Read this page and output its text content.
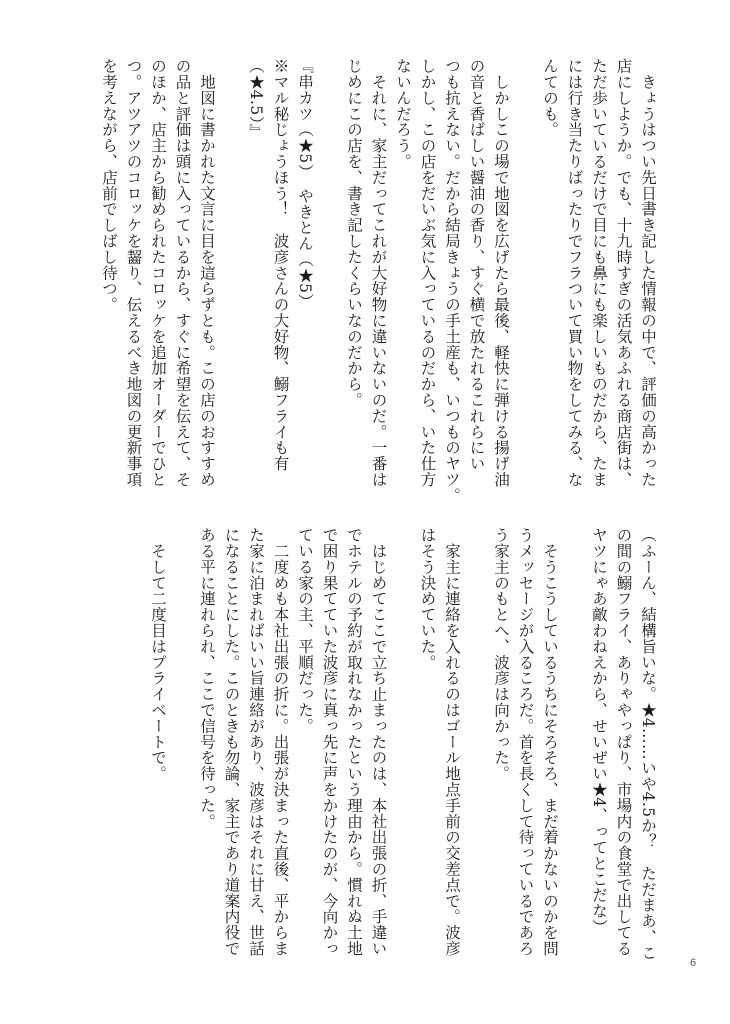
　きょうはつい先日書き記した情報の中で、評価の高かった

店にしようか。でも、十九時すぎの活気あふれる商店街は、

ただ歩いているだけで目にも鼻にも楽しいものだから、たま

には行き当たりばったりでフラついて買い物をしてみる、な

んてのも。

　しかしこの場で地図を広げたら最後、軽快に弾ける揚げ油

の音と香ばしい醤油の香り、すぐ横で放たれるこれらにい

つも抗えない。だから結局きょうの手土産も、いつものヤツ。

しかし、この店をだいぶ気に入っているのだから、いた仕方

ないんだろう。

　それに、家主だってこれが大好物に違いないのだ。一番は

じめにこの店を、書き記したくらいなのだから。

『串カツ（★5）　やきとん（★5）

※マル秘じょうほう！　波彦さんの大好物、鰯フライも有

（★4.5）』

　地図に書かれた文言に目を這らずとも。この店のおすすめ

の品と評価は頭に入っているから、すぐに希望を伝えて、そ

のほか、店主から勧められたコロッケを追加オーダーでひと

つ。アツアツのコロッケを齧り、伝えるべき地図の更新事項

を考えながら、店前でしばし待つ。

（ふーん、結構旨いな。★4……いや4.5か？　ただまあ、こ

の間の鰯フライ、ありゃやっぱり、市場内の食堂で出してる

ヤツにゃあ敵わねえから、せいぜい★4、ってとこだな）

　そうこうしているうちにそろそろ、まだ着かないのかを問

うメッセージが入るころだ。首を長くして待っているであろ

う家主のもとへ、波彦は向かった。

　家主に連絡を入れるのはゴール地点手前の交差点で。波彦

はそう決めていた。

　はじめてここで立ち止まったのは、本社出張の折、手違い

でホテルの予約が取れなかったという理由から。慣れぬ土地

で困り果てていた波彦に真っ先に声をかけたのが、今向かっ

ている家の主、平順だった。

　二度めも本社出張の折に。出張が決まった直後、平からま

た家に泊まればいい旨連絡があり、波彦はそれに甘え、世話

になることにした。このときも勿論、家主であり道案内役で

ある平に連れられ、ここで信号を待った。

　そして二度目はプライベートで。

6
